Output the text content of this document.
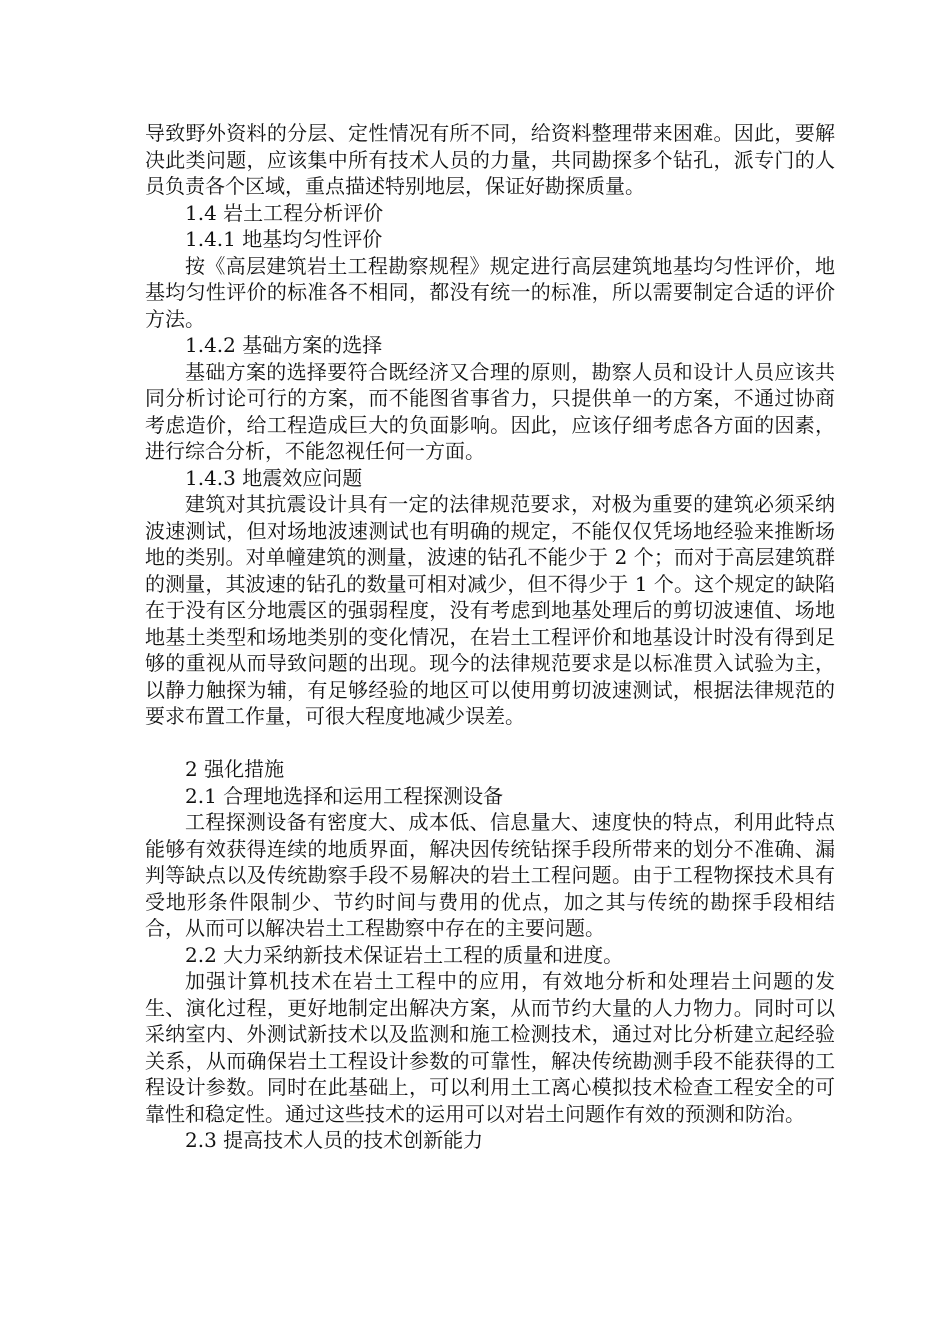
导致野外资料的分层、定性情况有所不同，给资料整理带来困难。因此，要解决此类问题，应该集中所有技术人员的力量，共同勘探多个钻孔，派专门的人员负责各个区域，重点描述特别地层，保证好勘探质量。

1.4 岩土工程分析评价

1.4.1 地基均匀性评价

按《高层建筑岩土工程勘察规程》规定进行高层建筑地基均匀性评价，地基均匀性评价的标准各不相同，都没有统一的标准，所以需要制定合适的评价方法。

1.4.2 基础方案的选择

基础方案的选择要符合既经济又合理的原则，勘察人员和设计人员应该共同分析讨论可行的方案，而不能图省事省力，只提供单一的方案，不通过协商考虑造价，给工程造成巨大的负面影响。因此，应该仔细考虑各方面的因素，进行综合分析，不能忽视任何一方面。

1.4.3 地震效应问题

建筑对其抗震设计具有一定的法律规范要求，对极为重要的建筑必须采纳波速测试，但对场地波速测试也有明确的规定，不能仅仅凭场地经验来推断场地的类别。对单幢建筑的测量，波速的钻孔不能少于 2 个；而对于高层建筑群的测量，其波速的钻孔的数量可相对减少，但不得少于 1 个。这个规定的缺陷在于没有区分地震区的强弱程度，没有考虑到地基处理后的剪切波速值、场地地基土类型和场地类别的变化情况，在岩土工程评价和地基设计时没有得到足够的重视从而导致问题的出现。现今的法律规范要求是以标准贯入试验为主，以静力触探为辅，有足够经验的地区可以使用剪切波速测试，根据法律规范的要求布置工作量，可很大程度地减少误差。

2 强化措施

2.1 合理地选择和运用工程探测设备

工程探测设备有密度大、成本低、信息量大、速度快的特点，利用此特点能够有效获得连续的地质界面，解决因传统钻探手段所带来的划分不准确、漏判等缺点以及传统勘察手段不易解决的岩土工程问题。由于工程物探技术具有受地形条件限制少、节约时间与费用的优点，加之其与传统的勘探手段相结合，从而可以解决岩土工程勘察中存在的主要问题。

2.2 大力采纳新技术保证岩土工程的质量和进度。

加强计算机技术在岩土工程中的应用，有效地分析和处理岩土问题的发生、演化过程，更好地制定出解决方案，从而节约大量的人力物力。同时可以采纳室内、外测试新技术以及监测和施工检测技术，通过对比分析建立起经验关系，从而确保岩土工程设计参数的可靠性，解决传统勘测手段不能获得的工程设计参数。同时在此基础上，可以利用土工离心模拟技术检查工程安全的可靠性和稳定性。通过这些技术的运用可以对岩土问题作有效的预测和防治。

2.3 提高技术人员的技术创新能力
